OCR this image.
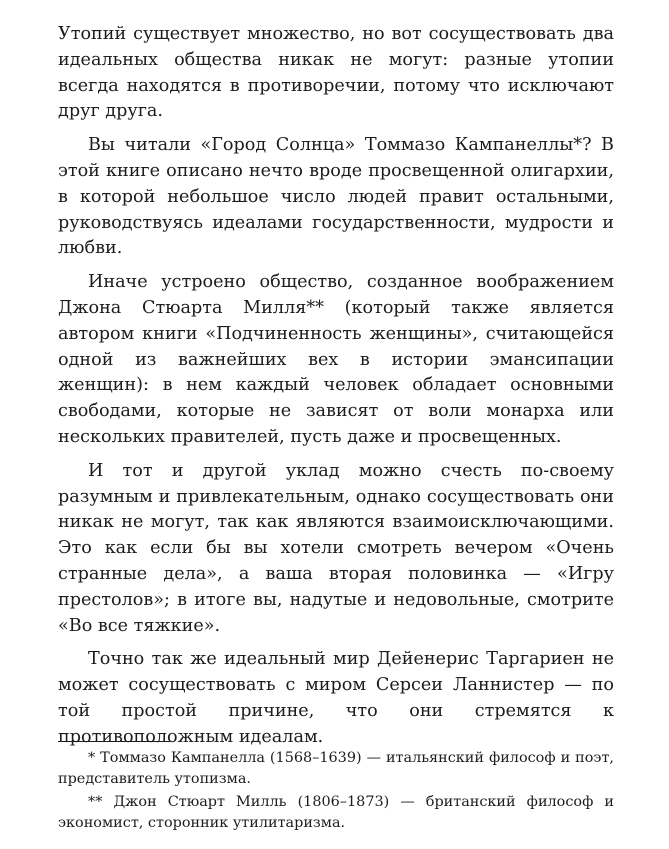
Утопий существует множество, но вот сосуществовать два идеальных общества никак не могут: разные утопии всегда находятся в противоречии, потому что исключают друг друга.

Вы читали «Город Солнца» Томмазо Кампанеллы*? В этой книге описано нечто вроде просвещенной олигархии, в которой небольшое число людей правит остальными, руководствуясь идеалами государственности, мудрости и любви.

Иначе устроено общество, созданное воображением Джона Стюарта Милля** (который также является автором книги «Подчиненность женщины», считающейся одной из важнейших вех в истории эмансипации женщин): в нем каждый человек обладает основными свободами, которые не зависят от воли монарха или нескольких правителей, пусть даже и просвещенных.

И тот и другой уклад можно счесть по-своему разумным и привлекательным, однако сосуществовать они никак не могут, так как являются взаимоисключающими. Это как если бы вы хотели смотреть вечером «Очень странные дела», а ваша вторая половинка — «Игру престолов»; в итоге вы, надутые и недовольные, смотрите «Во все тяжкие».

Точно так же идеальный мир Дейенерис Таргариен не может сосуществовать с миром Серсеи Ланнистер — по той простой причине, что они стремятся к противоположным идеалам.

* Томмазо Кампанелла (1568–1639) — итальянский философ и поэт, представитель утопизма.

** Джон Стюарт Милль (1806–1873) — британский философ и экономист, сторонник утилитаризма.
